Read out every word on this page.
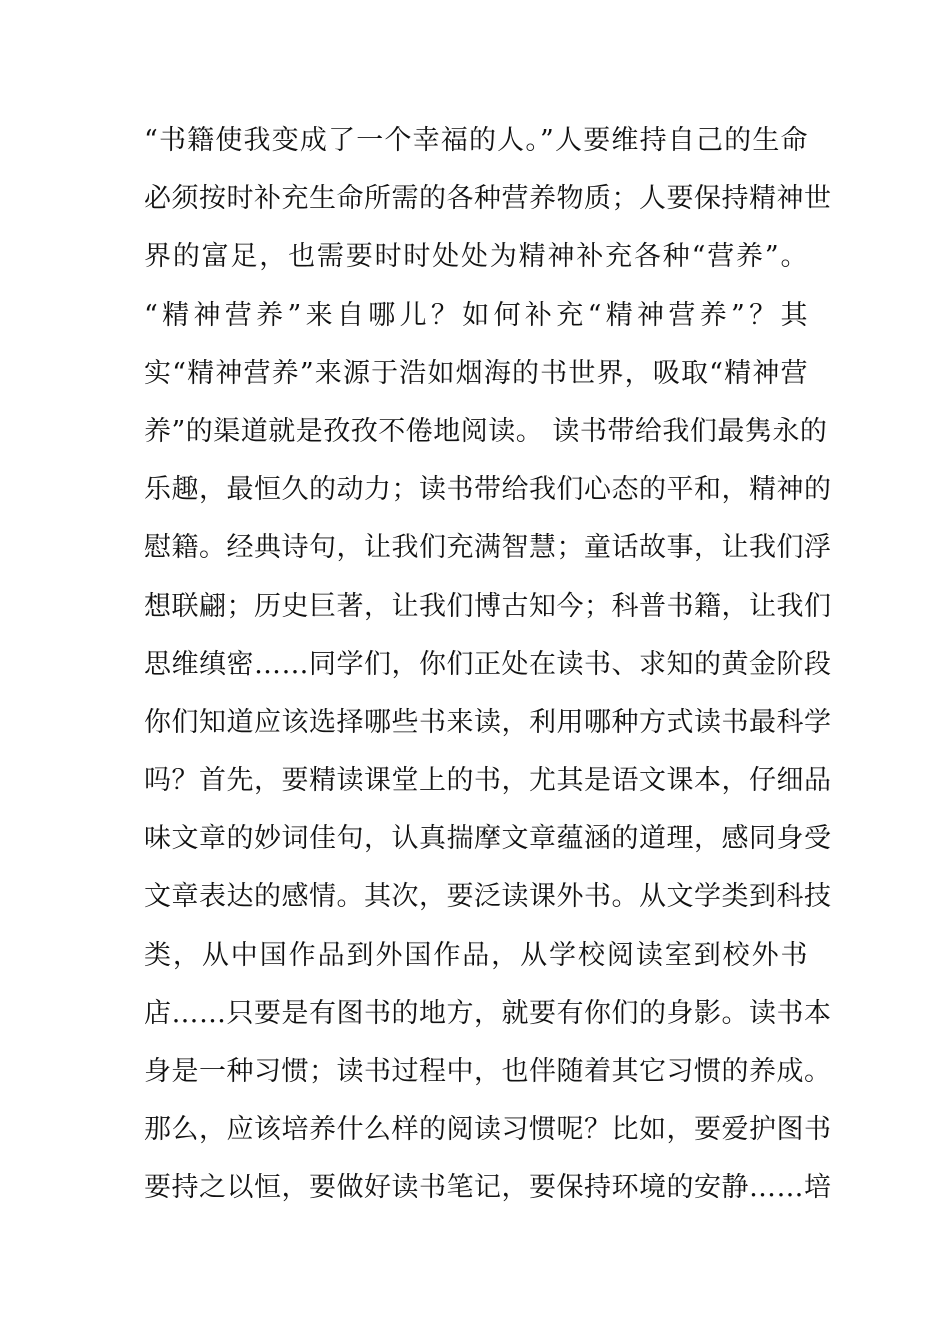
“书籍使我变成了一个幸福的人。”人要维持自己的生命
必须按时补充生命所需的各种营养物质；人要保持精神世
界的富足，也需要时时处处为精神补充各种“营养”。
“精神营养”来自哪儿？如何补充“精神营养”？其
实“精神营养”来源于浩如烟海的书世界，吸取“精神营
养”的渠道就是孜孜不倦地阅读。 读书带给我们最隽永的
乐趣，最恒久的动力；读书带给我们心态的平和，精神的
慰籍。经典诗句，让我们充满智慧；童话故事，让我们浮
想联翩；历史巨著，让我们博古知今；科普书籍，让我们
思维缜密……同学们，你们正处在读书、求知的黄金阶段
你们知道应该选择哪些书来读，利用哪种方式读书最科学
吗？首先，要精读课堂上的书，尤其是语文课本，仔细品
味文章的妙词佳句，认真揣摩文章蕴涵的道理，感同身受
文章表达的感情。其次，要泛读课外书。从文学类到科技
类，从中国作品到外国作品，从学校阅读室到校外书
店……只要是有图书的地方，就要有你们的身影。读书本
身是一种习惯；读书过程中，也伴随着其它习惯的养成。
那么，应该培养什么样的阅读习惯呢？比如，要爱护图书
要持之以恒，要做好读书笔记，要保持环境的安静……培
